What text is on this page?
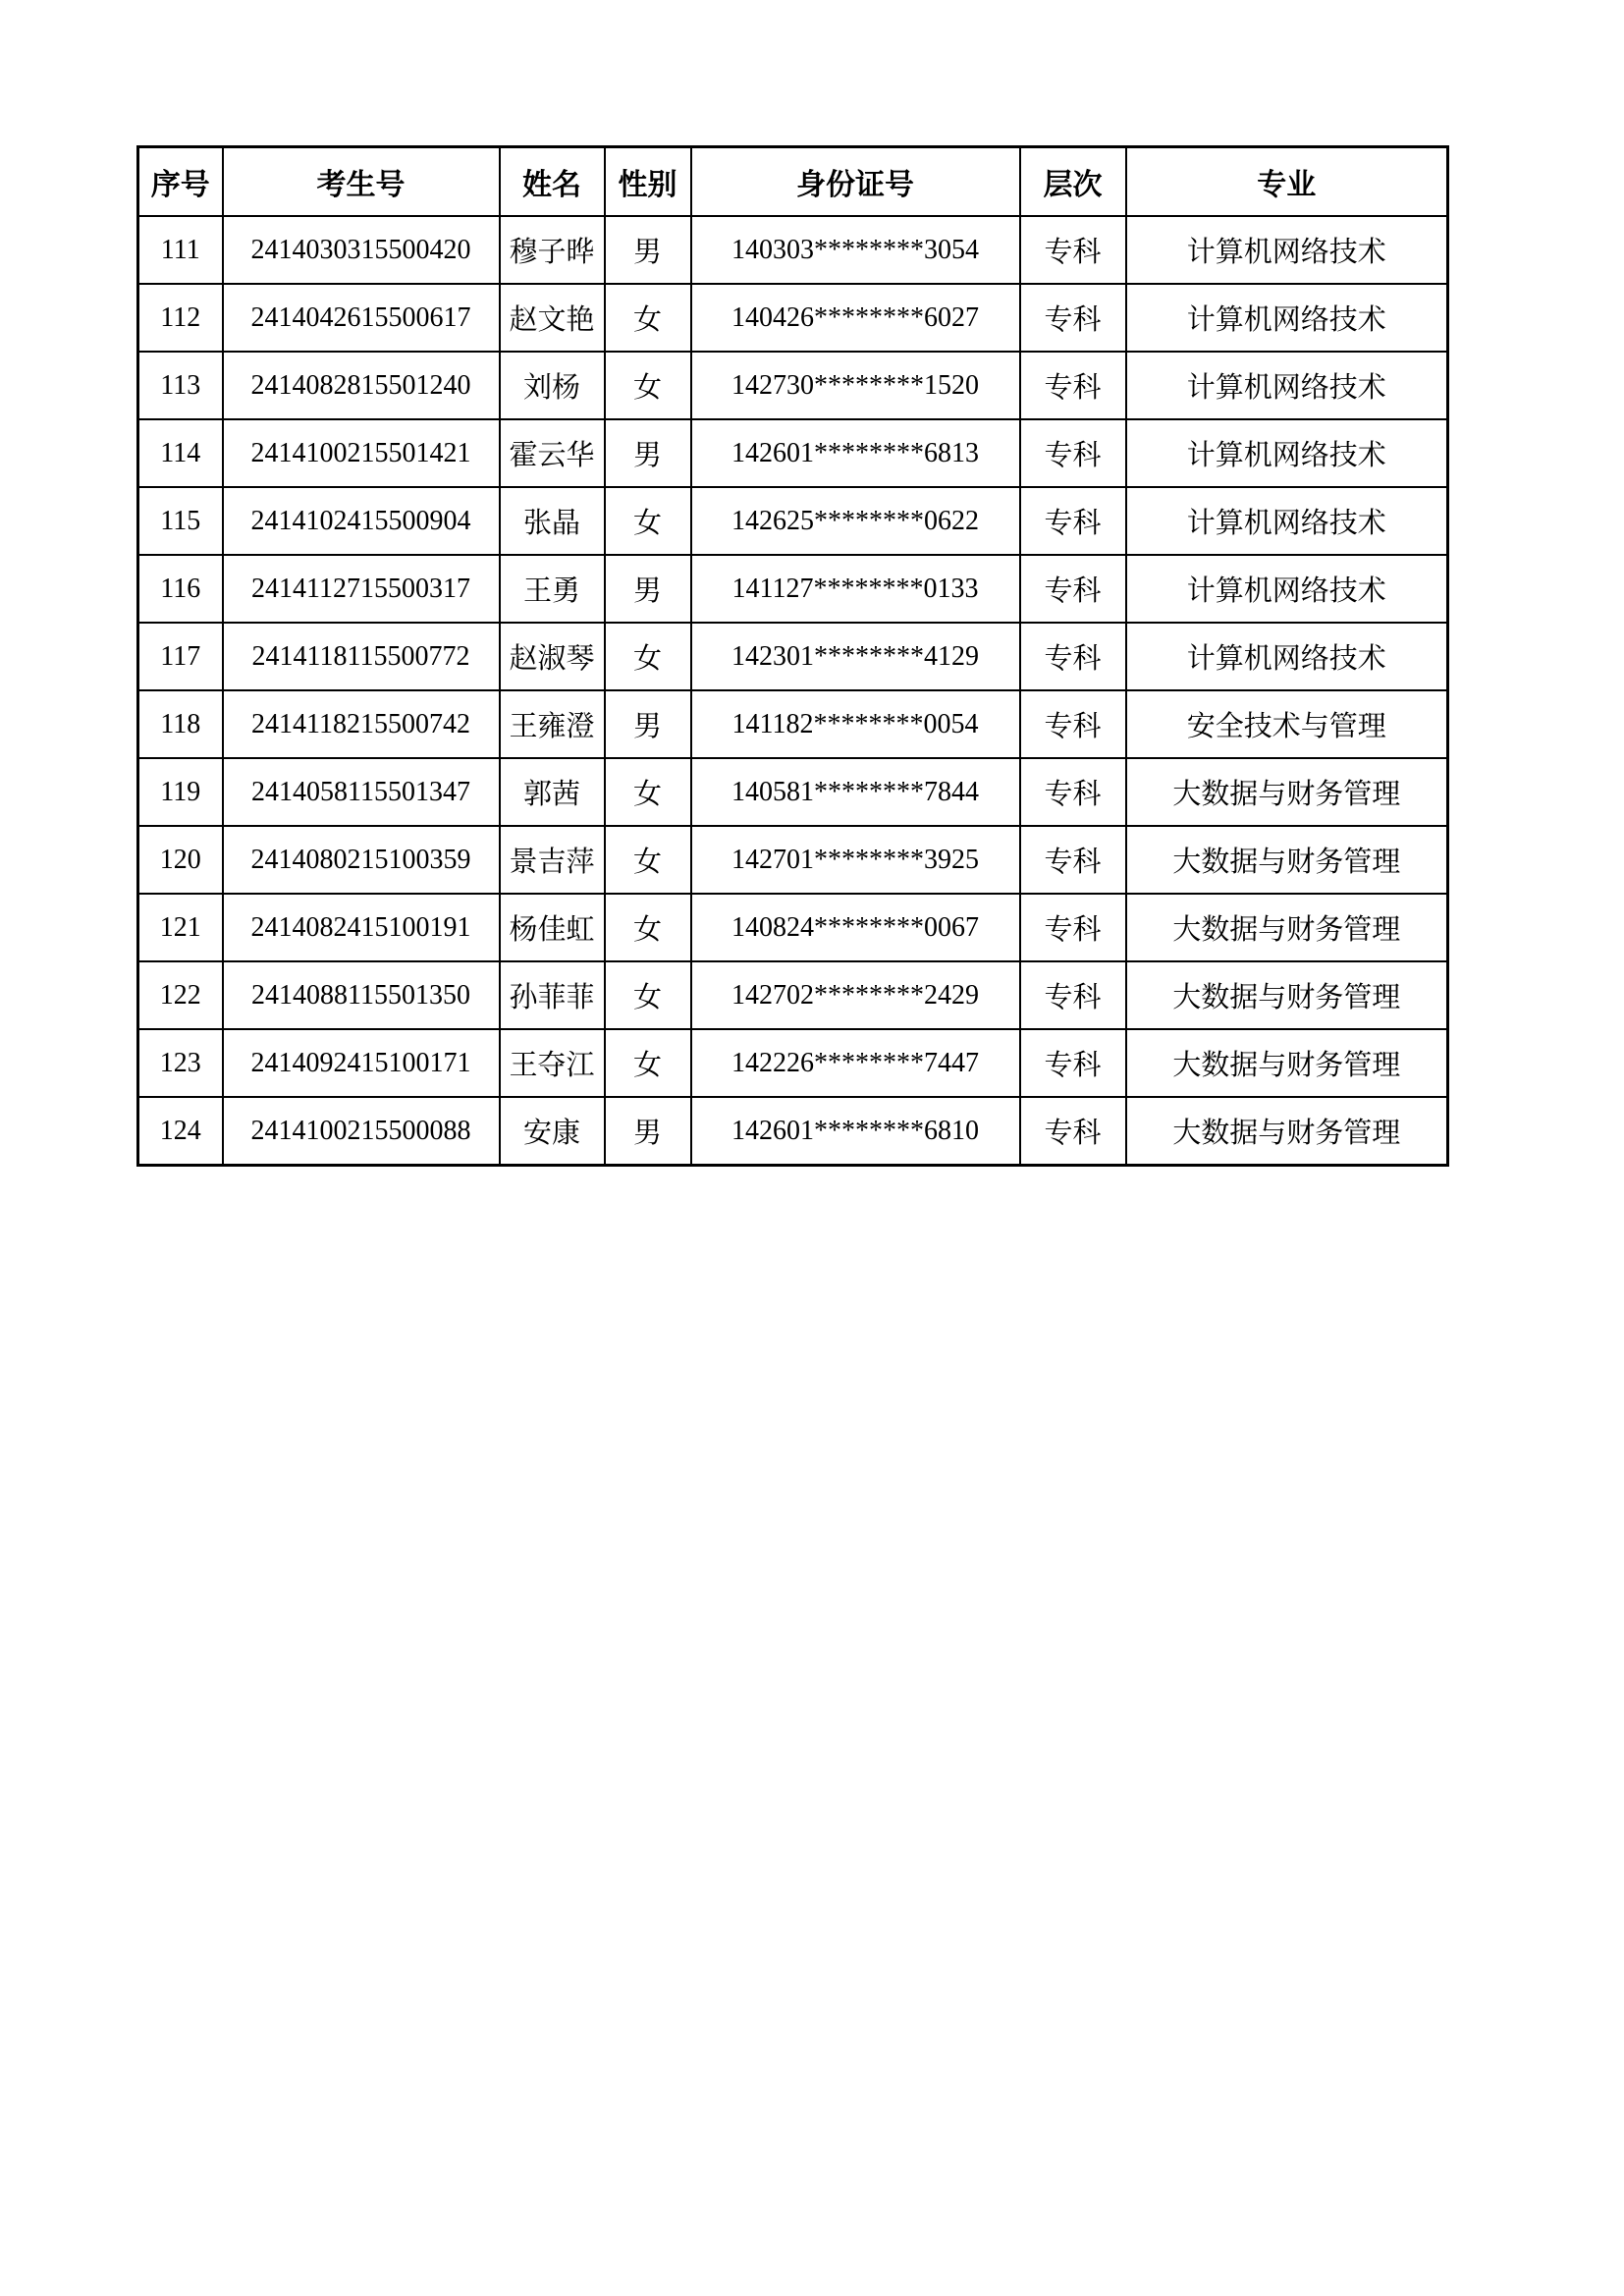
序号	考生号	姓名	性别	身份证号	层次	专业
111	2414030315500420	穆子晔	男	140303********3054	专科	计算机网络技术
112	2414042615500617	赵文艳	女	140426********6027	专科	计算机网络技术
113	2414082815501240	刘杨	女	142730********1520	专科	计算机网络技术
114	2414100215501421	霍云华	男	142601********6813	专科	计算机网络技术
115	2414102415500904	张晶	女	142625********0622	专科	计算机网络技术
116	2414112715500317	王勇	男	141127********0133	专科	计算机网络技术
117	2414118115500772	赵淑琴	女	142301********4129	专科	计算机网络技术
118	2414118215500742	王雍澄	男	141182********0054	专科	安全技术与管理
119	2414058115501347	郭茜	女	140581********7844	专科	大数据与财务管理
120	2414080215100359	景吉萍	女	142701********3925	专科	大数据与财务管理
121	2414082415100191	杨佳虹	女	140824********0067	专科	大数据与财务管理
122	2414088115501350	孙菲菲	女	142702********2429	专科	大数据与财务管理
123	2414092415100171	王夺江	女	142226********7447	专科	大数据与财务管理
124	2414100215500088	安康	男	142601********6810	专科	大数据与财务管理
